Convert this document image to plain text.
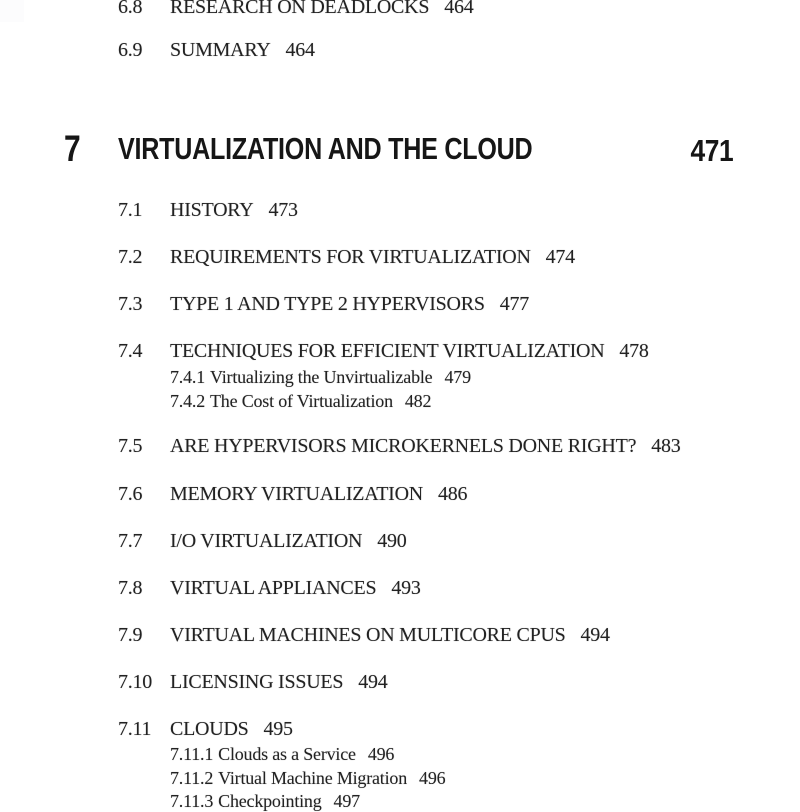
7 VIRTUALIZATION AND THE CLOUD	471
6.8 RESEARCH ON DEADLOCKS 464
6.9 SUMMARY 464
7.1 HISTORY 473
7.2 REQUIREMENTS FOR VIRTUALIZATION 474
7.3 TYPE 1 AND TYPE 2 HYPERVISORS 477
7.4 TECHNIQUES FOR EFFICIENT VIRTUALIZATION 478
7.4.1 Virtualizing the Unvirtualizable 479
7.4.2 The Cost of Virtualization 482
7.5 ARE HYPERVISORS MICROKERNELS DONE RIGHT? 483
7.6 MEMORY VIRTUALIZATION 486
7.7 I/O VIRTUALIZATION 490
7.8 VIRTUAL APPLIANCES 493
7.9 VIRTUAL MACHINES ON MULTICORE CPUS 494
7.10 LICENSING ISSUES 494
7.11 CLOUDS 495
7.11.1 Clouds as a Service 496
7.11.2 Virtual Machine Migration 496
7.11.3 Checkpointing 497
